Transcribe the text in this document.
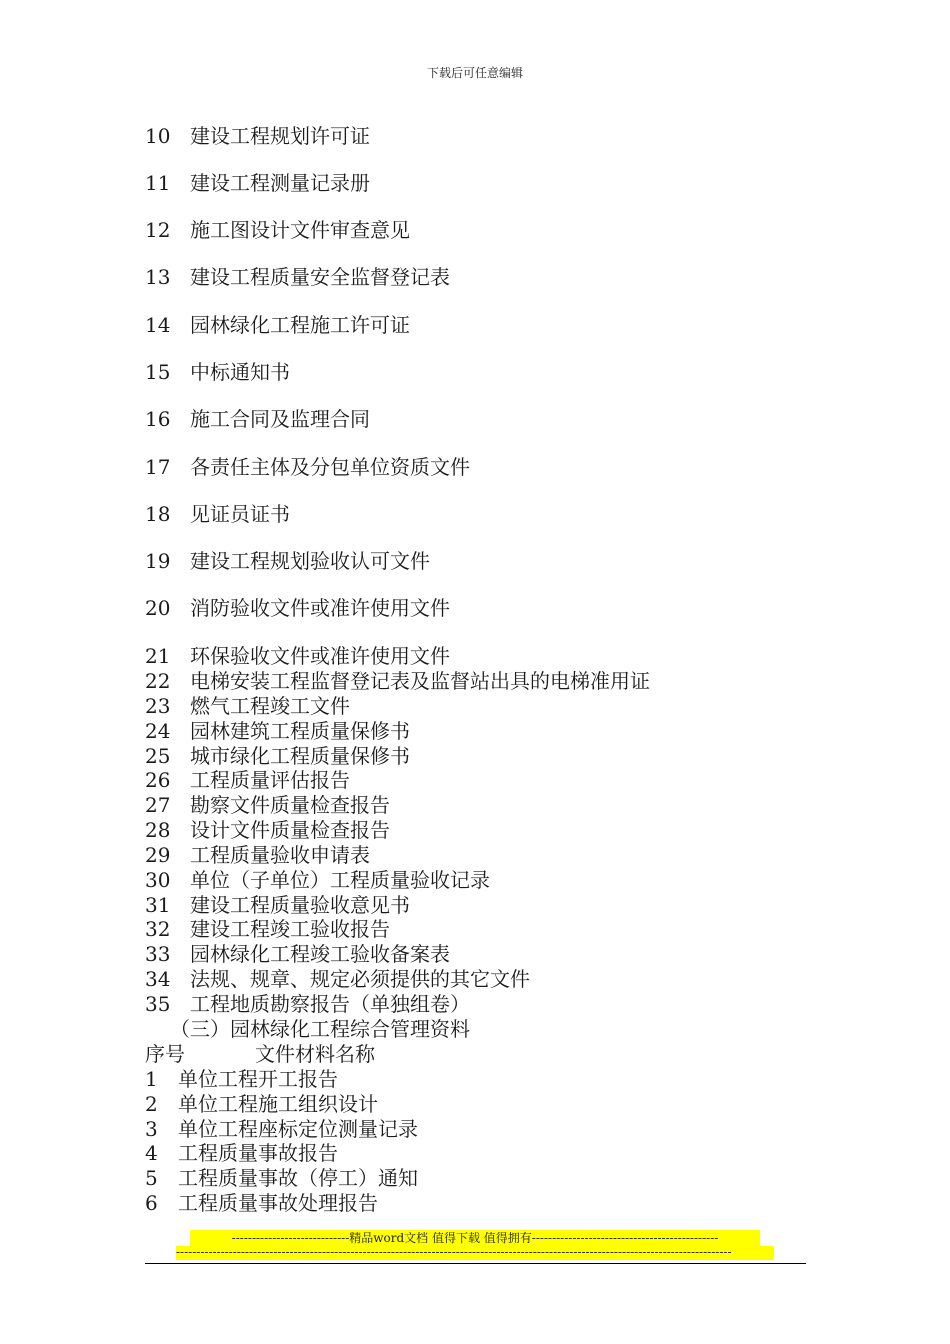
下载后可任意编辑
10 建设工程规划许可证
11 建设工程测量记录册
12 施工图设计文件审查意见
13 建设工程质量安全监督登记表
14 园林绿化工程施工许可证
15 中标通知书
16 施工合同及监理合同
17 各责任主体及分包单位资质文件
18 见证员证书
19 建设工程规划验收认可文件
20 消防验收文件或准许使用文件
21 环保验收文件或准许使用文件
22 电梯安装工程监督登记表及监督站出具的电梯准用证
23 燃气工程竣工文件
24 园林建筑工程质量保修书
25 城市绿化工程质量保修书
26 工程质量评估报告
27 勘察文件质量检查报告
28 设计文件质量检查报告
29 工程质量验收申请表
30 单位（子单位）工程质量验收记录
31 建设工程质量验收意见书
32 建设工程竣工验收报告
33 园林绿化工程竣工验收备案表
34 法规、规章、规定必须提供的其它文件
35 工程地质勘察报告（单独组卷）
（三）园林绿化工程综合管理资料
序号	文件材料名称
1 单位工程开工报告
2 单位工程施工组织设计
3 单位工程座标定位测量记录
4 工程质量事故报告
5 工程质量事故（停工）通知
6 工程质量事故处理报告
-----------------------------精品word文档 值得下载 值得拥有----------------------------------------------
-----------------------------------------------------------------------------------------------------------------------------------------
